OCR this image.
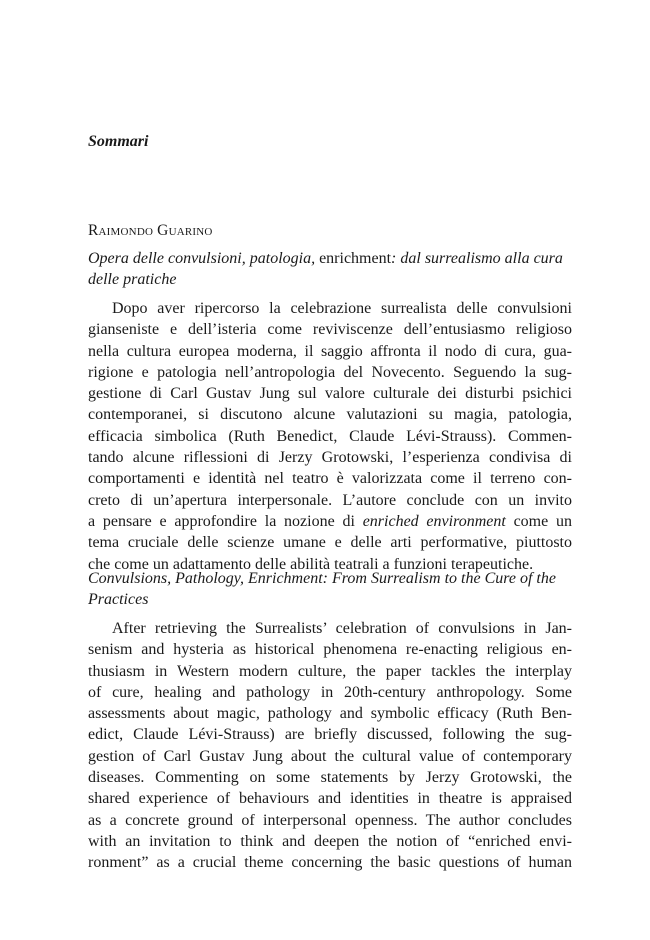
Sommari
Raimondo Guarino

Opera delle convulsioni, patologia, enrichment: dal surrealismo alla cura delle pratiche

Dopo aver ripercorso la celebrazione surrealista delle convulsioni
gianseniste e dell’isteria come reviviscenze dell’entusiasmo religioso
nella cultura europea moderna, il saggio affronta il nodo di cura, gua-
rigione e patologia nell’antropologia del Novecento. Seguendo la sug-
gestione di Carl Gustav Jung sul valore culturale dei disturbi psichici
contemporanei, si discutono alcune valutazioni su magia, patologia,
efficacia simbolica (Ruth Benedict, Claude Lévi-Strauss). Commen-
tando alcune riflessioni di Jerzy Grotowski, l’esperienza condivisa di
comportamenti e identità nel teatro è valorizzata come il terreno con-
creto di un’apertura interpersonale. L’autore conclude con un invito
a pensare e approfondire la nozione di enriched environment come un
tema cruciale delle scienze umane e delle arti performative, piuttosto
che come un adattamento delle abilità teatrali a funzioni terapeutiche.

Convulsions, Pathology, Enrichment: From Surrealism to the Cure of the Practices

After retrieving the Surrealists’ celebration of convulsions in Jan-
senism and hysteria as historical phenomena re-enacting religious en-
thusiasm in Western modern culture, the paper tackles the interplay
of cure, healing and pathology in 20th-century anthropology. Some
assessments about magic, pathology and symbolic efficacy (Ruth Ben-
edict, Claude Lévi-Strauss) are briefly discussed, following the sug-
gestion of Carl Gustav Jung about the cultural value of contemporary
diseases. Commenting on some statements by Jerzy Grotowski, the
shared experience of behaviours and identities in theatre is appraised
as a concrete ground of interpersonal openness. The author concludes
with an invitation to think and deepen the notion of “enriched envi-
ronment” as a crucial theme concerning the basic questions of human
